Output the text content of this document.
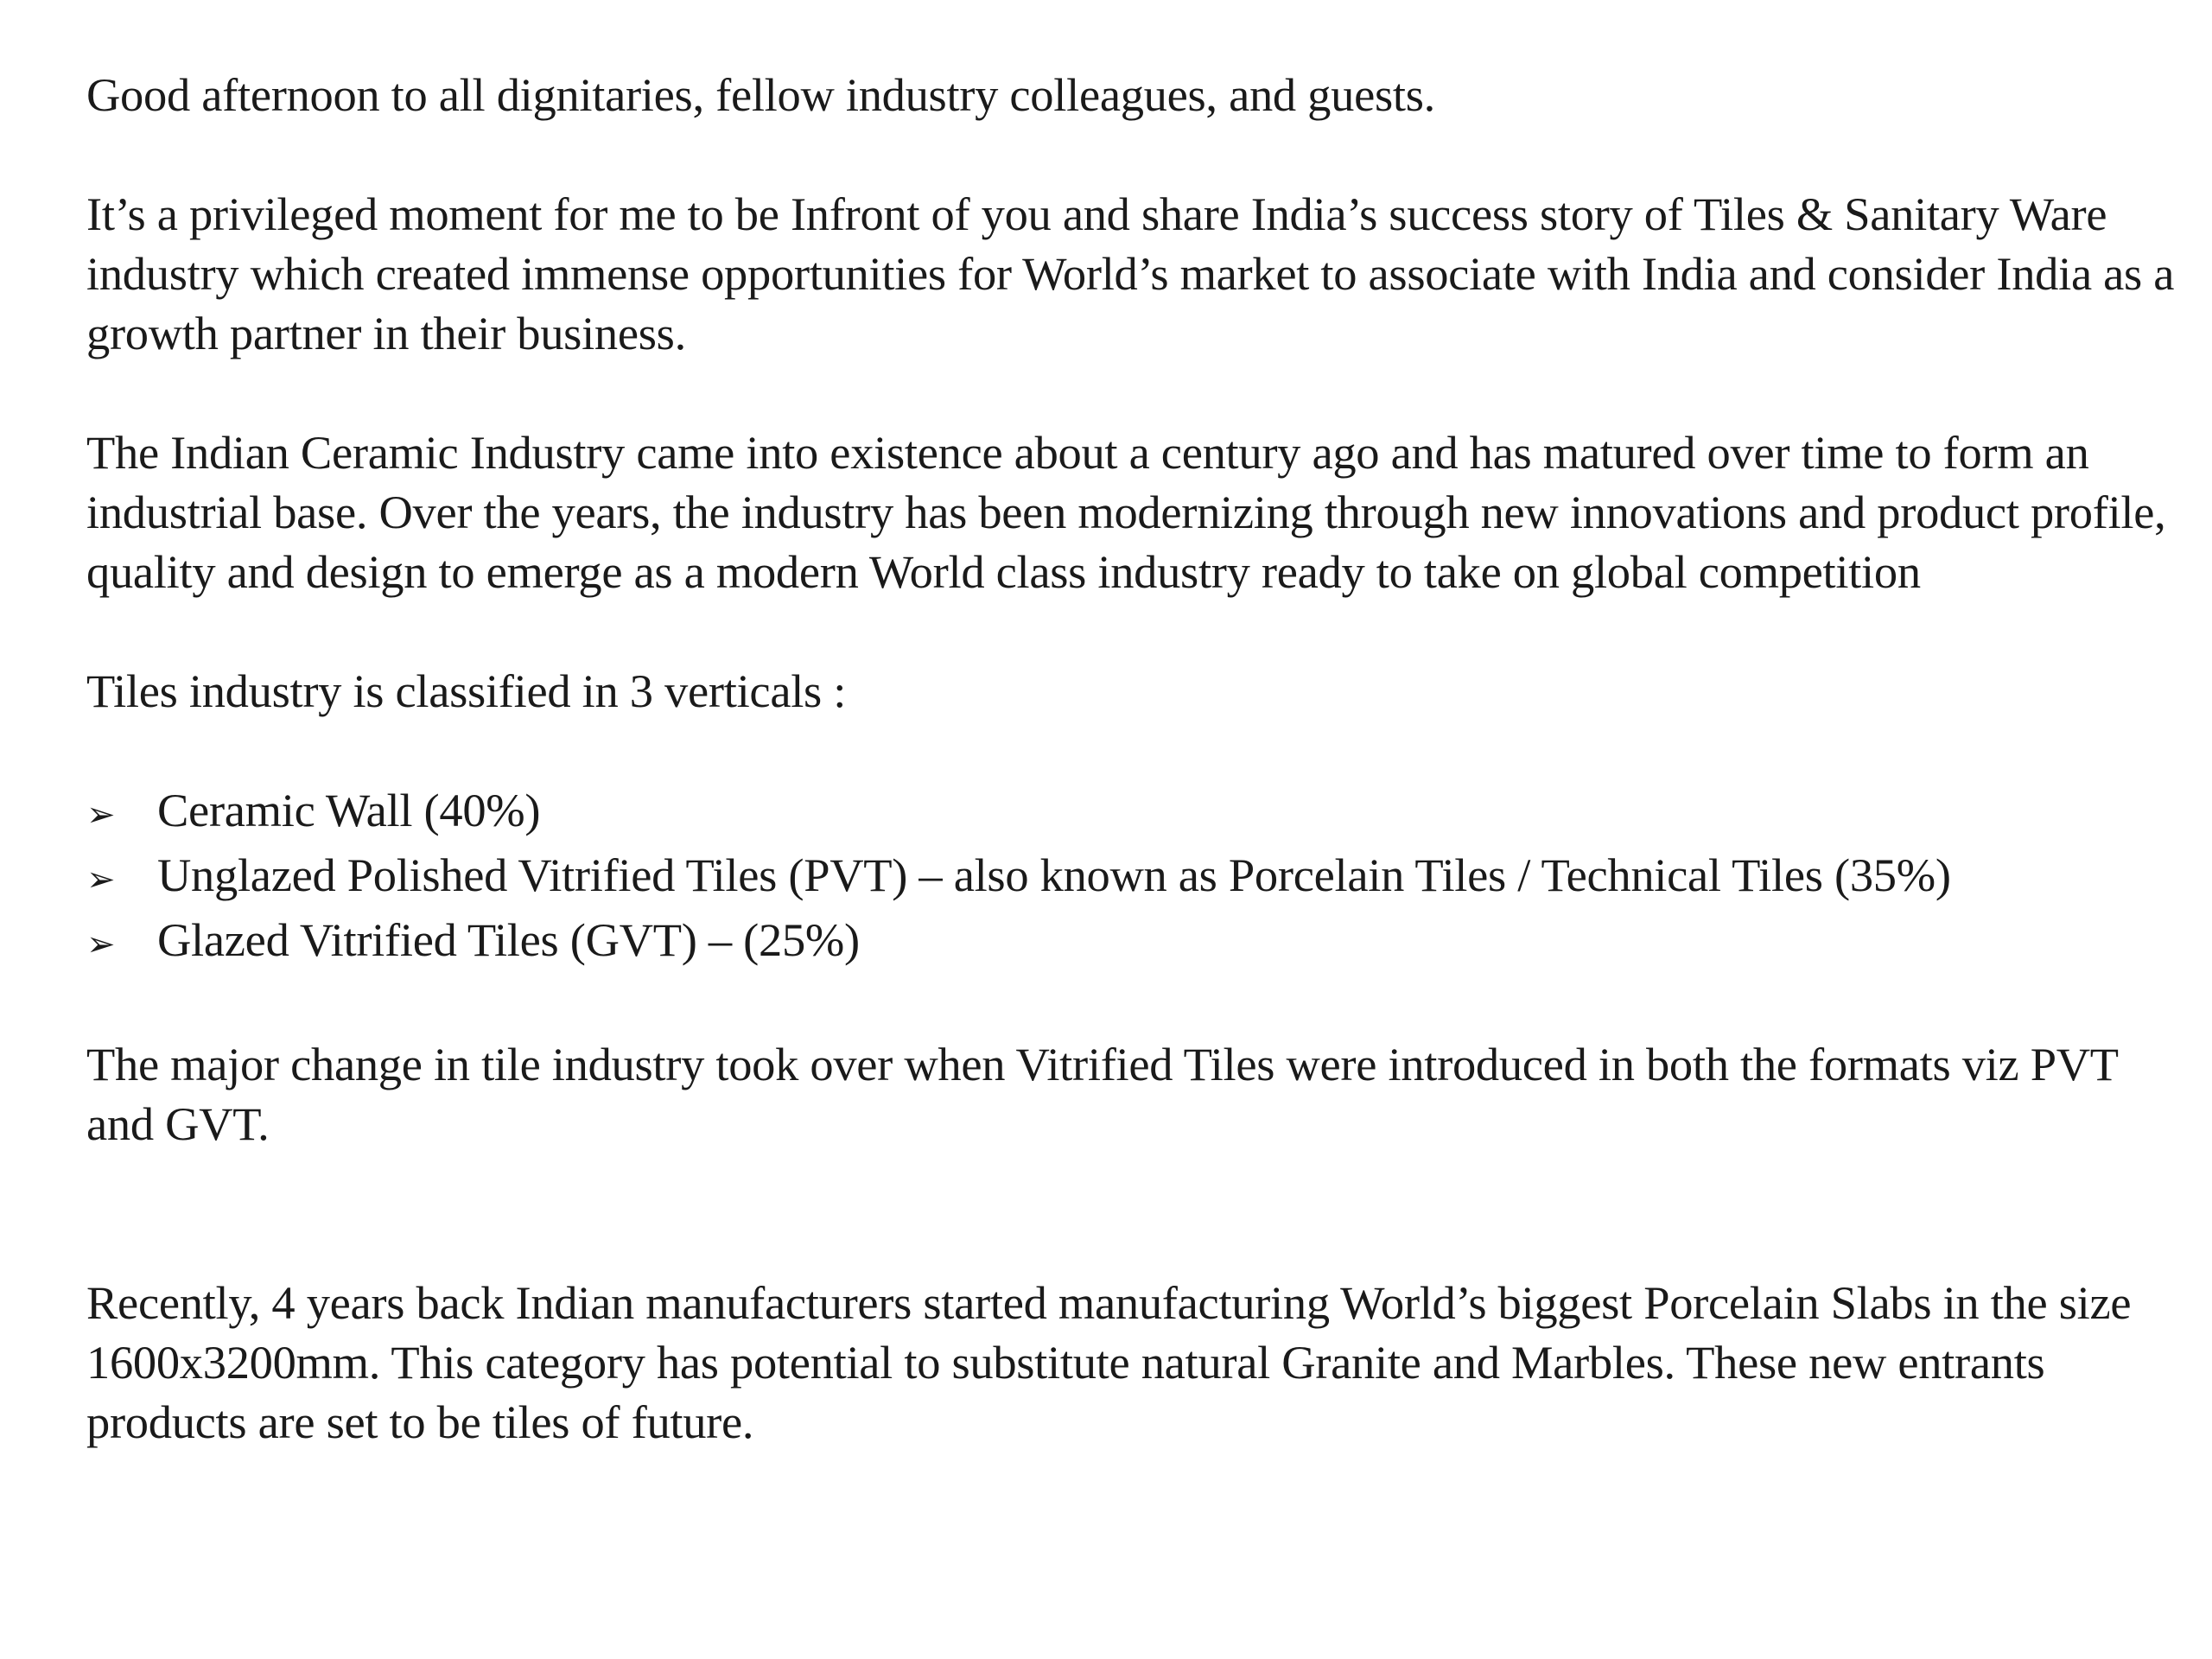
Good afternoon to all dignitaries, fellow industry colleagues, and guests.

It’s a privileged moment for me to be Infront of you and share India’s success story of Tiles & Sanitary Ware industry which created immense opportunities for World’s market to associate with India and consider India as a growth partner in their business.

The Indian Ceramic Industry came into existence about a century ago and has matured over time to form an industrial base. Over the years, the industry has been modernizing through new innovations and product profile, quality and design to emerge as a modern World class industry ready to take on global competition

Tiles industry is classified in 3 verticals :

➢ Ceramic Wall (40%)
➢ Unglazed Polished Vitrified Tiles (PVT) – also known as Porcelain Tiles / Technical Tiles (35%)
➢ Glazed Vitrified Tiles (GVT) – (25%)

The major change in tile industry took over when Vitrified Tiles were introduced in both the formats viz PVT and GVT.

Recently, 4 years back Indian manufacturers started manufacturing World’s biggest Porcelain Slabs in the size 1600x3200mm. This category has potential to substitute natural Granite and Marbles. These new entrants products are set to be tiles of future.
